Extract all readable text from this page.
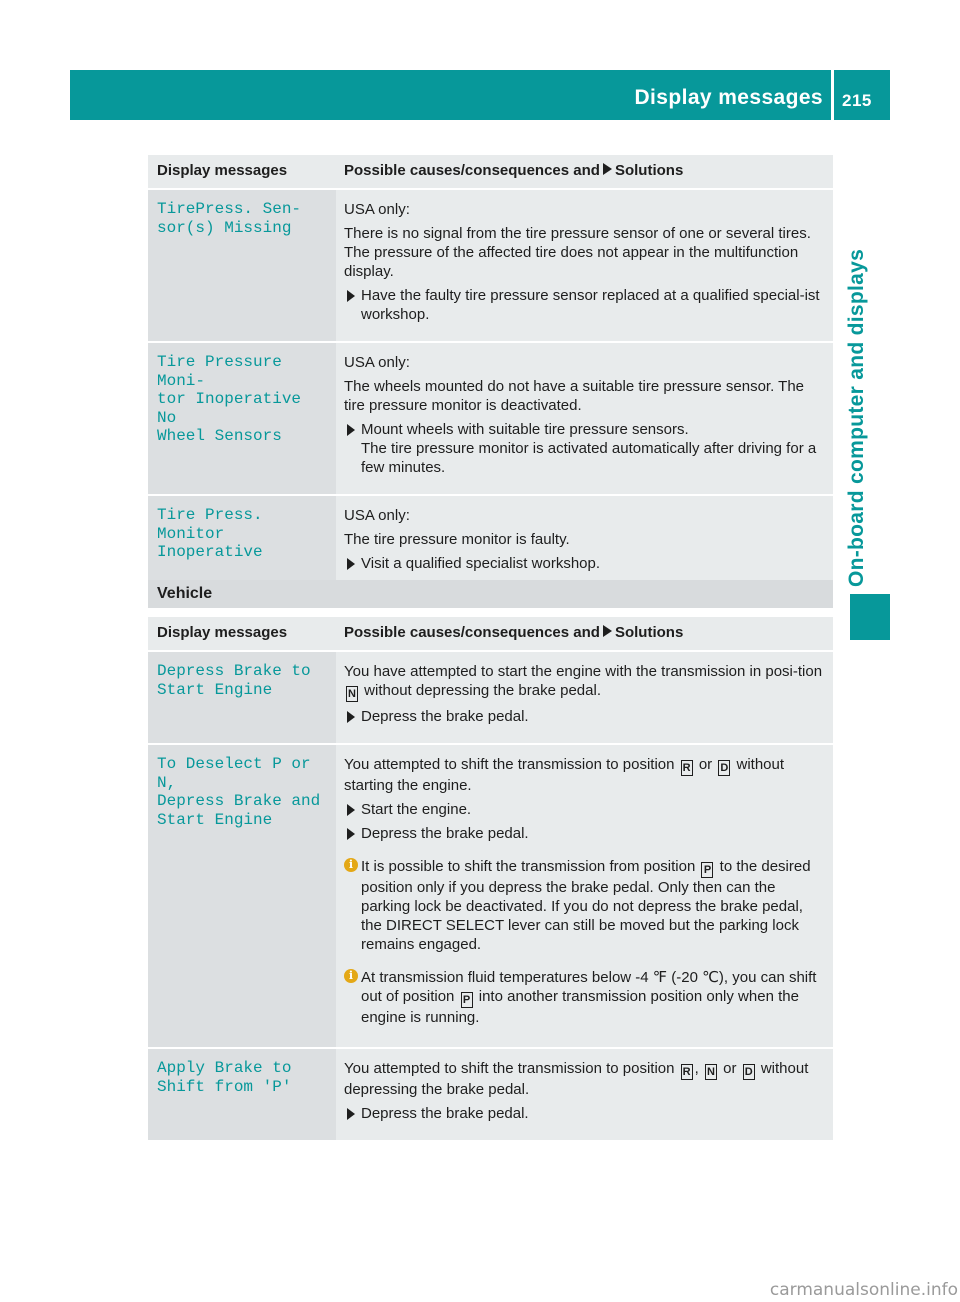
Display messages 215
On-board computer and displays
Display messages	Possible causes/consequences and Solutions
TirePress. Sen‐
sor(s) Missing
USA only:
There is no signal from the tire pressure sensor of one or several tires. The pressure of the affected tire does not appear in the multifunction display.
Have the faulty tire pressure sensor replaced at a qualified special-ist workshop.
Tire Pressure Moni‐
tor Inoperative No
Wheel Sensors
USA only:
The wheels mounted do not have a suitable tire pressure sensor. The tire pressure monitor is deactivated.
Mount wheels with suitable tire pressure sensors.
The tire pressure monitor is activated automatically after driving for a few minutes.
Tire Press. Monitor
Inoperative
USA only:
The tire pressure monitor is faulty.
Visit a qualified specialist workshop.
Vehicle
Display messages	Possible causes/consequences and Solutions
Depress Brake to
Start Engine
You have attempted to start the engine with the transmission in posi-tion N without depressing the brake pedal.
Depress the brake pedal.
To Deselect P or N,
Depress Brake and
Start Engine
You attempted to shift the transmission to position R or D without starting the engine.
Start the engine.
Depress the brake pedal.
i It is possible to shift the transmission from position P to the desired position only if you depress the brake pedal. Only then can the parking lock be deactivated. If you do not depress the brake pedal, the DIRECT SELECT lever can still be moved but the parking lock remains engaged.
i At transmission fluid temperatures below -4 ℉ (-20 ℃), you can shift out of position P into another transmission position only when the engine is running.
Apply Brake to
Shift from 'P'
You attempted to shift the transmission to position R , N or D without depressing the brake pedal.
Depress the brake pedal.
carmanualsonline.info
